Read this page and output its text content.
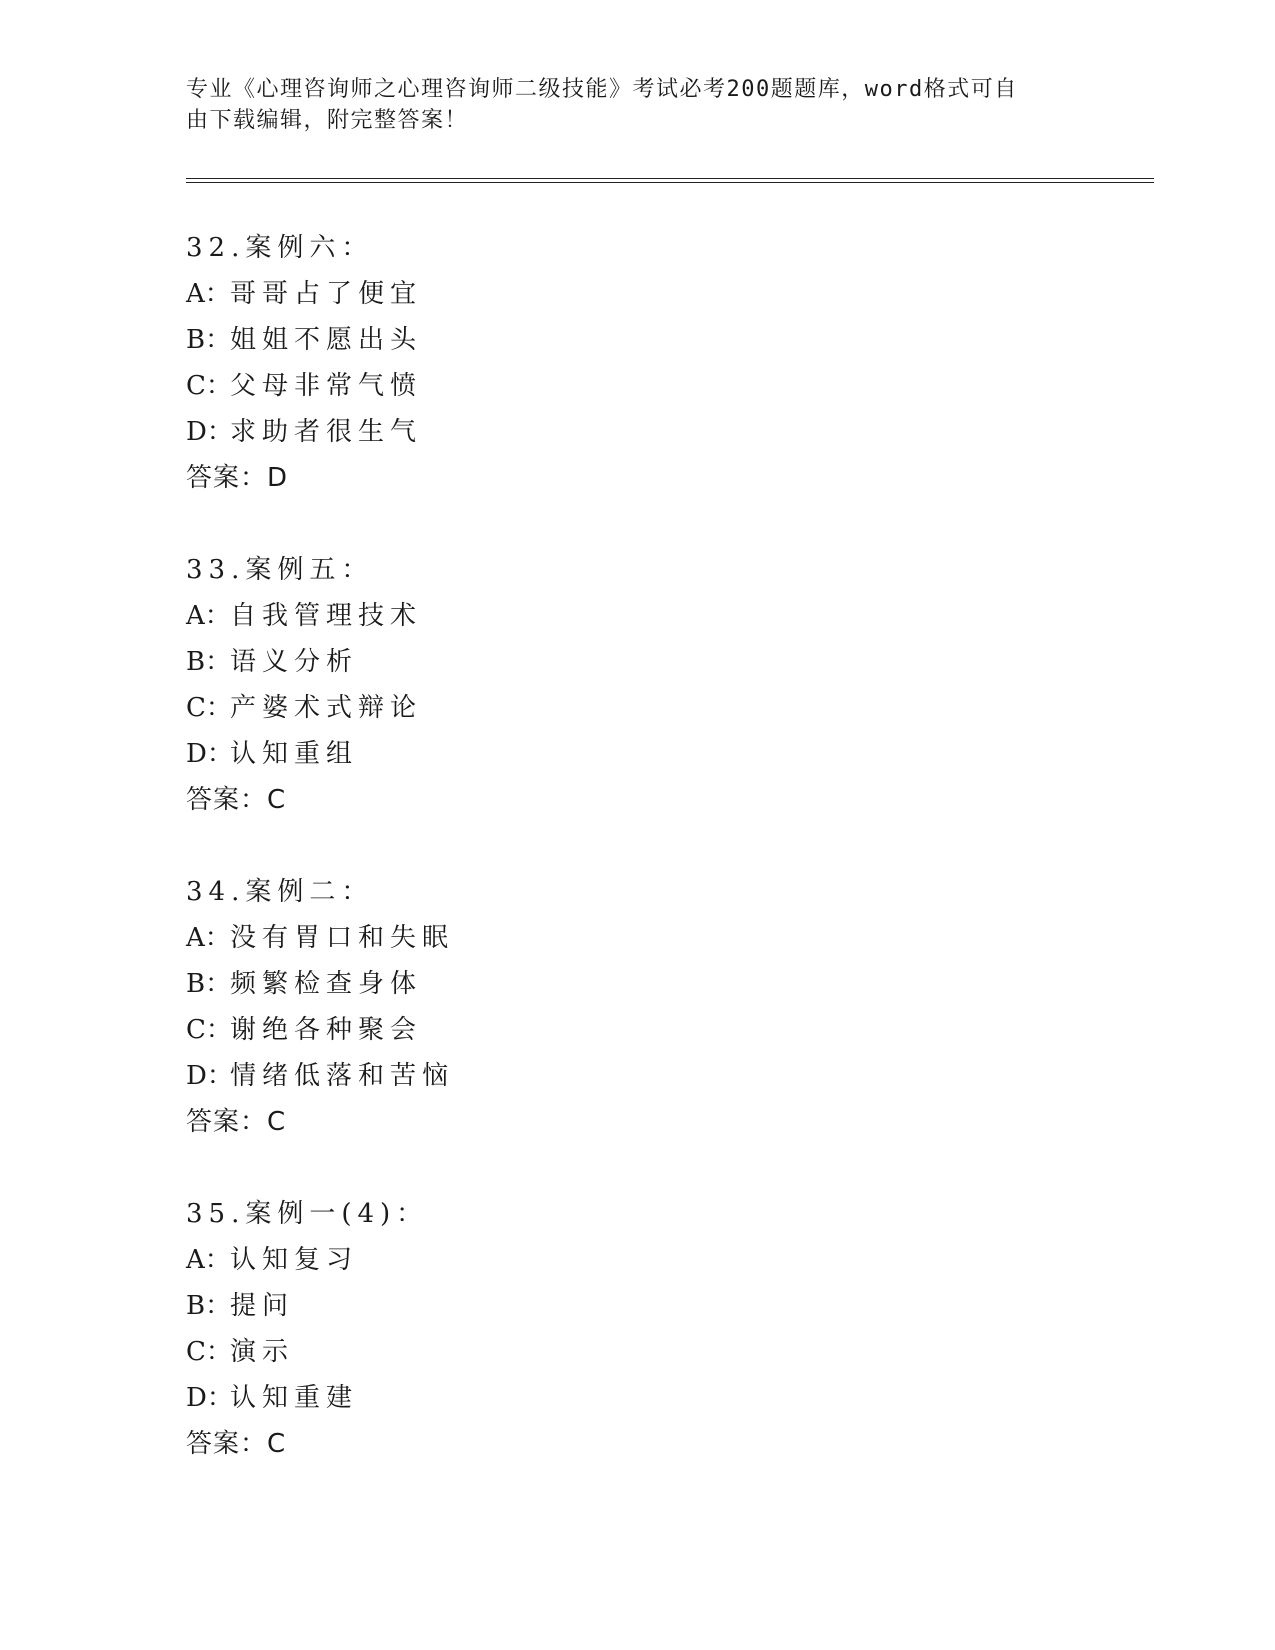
专业《心理咨询师之心理咨询师二级技能》考试必考200题题库，word格式可自
由下载编辑，附完整答案！
32.案例六：
A：哥哥占了便宜
B：姐姐不愿出头
C：父母非常气愤
D：求助者很生气
答案：D
33.案例五：
A：自我管理技术
B：语义分析
C：产婆术式辩论
D：认知重组
答案：C
34.案例二：
A：没有胃口和失眠
B：频繁检查身体
C：谢绝各种聚会
D：情绪低落和苦恼
答案：C
35.案例一(4)：
A：认知复习
B：提问
C：演示
D：认知重建
答案：C
